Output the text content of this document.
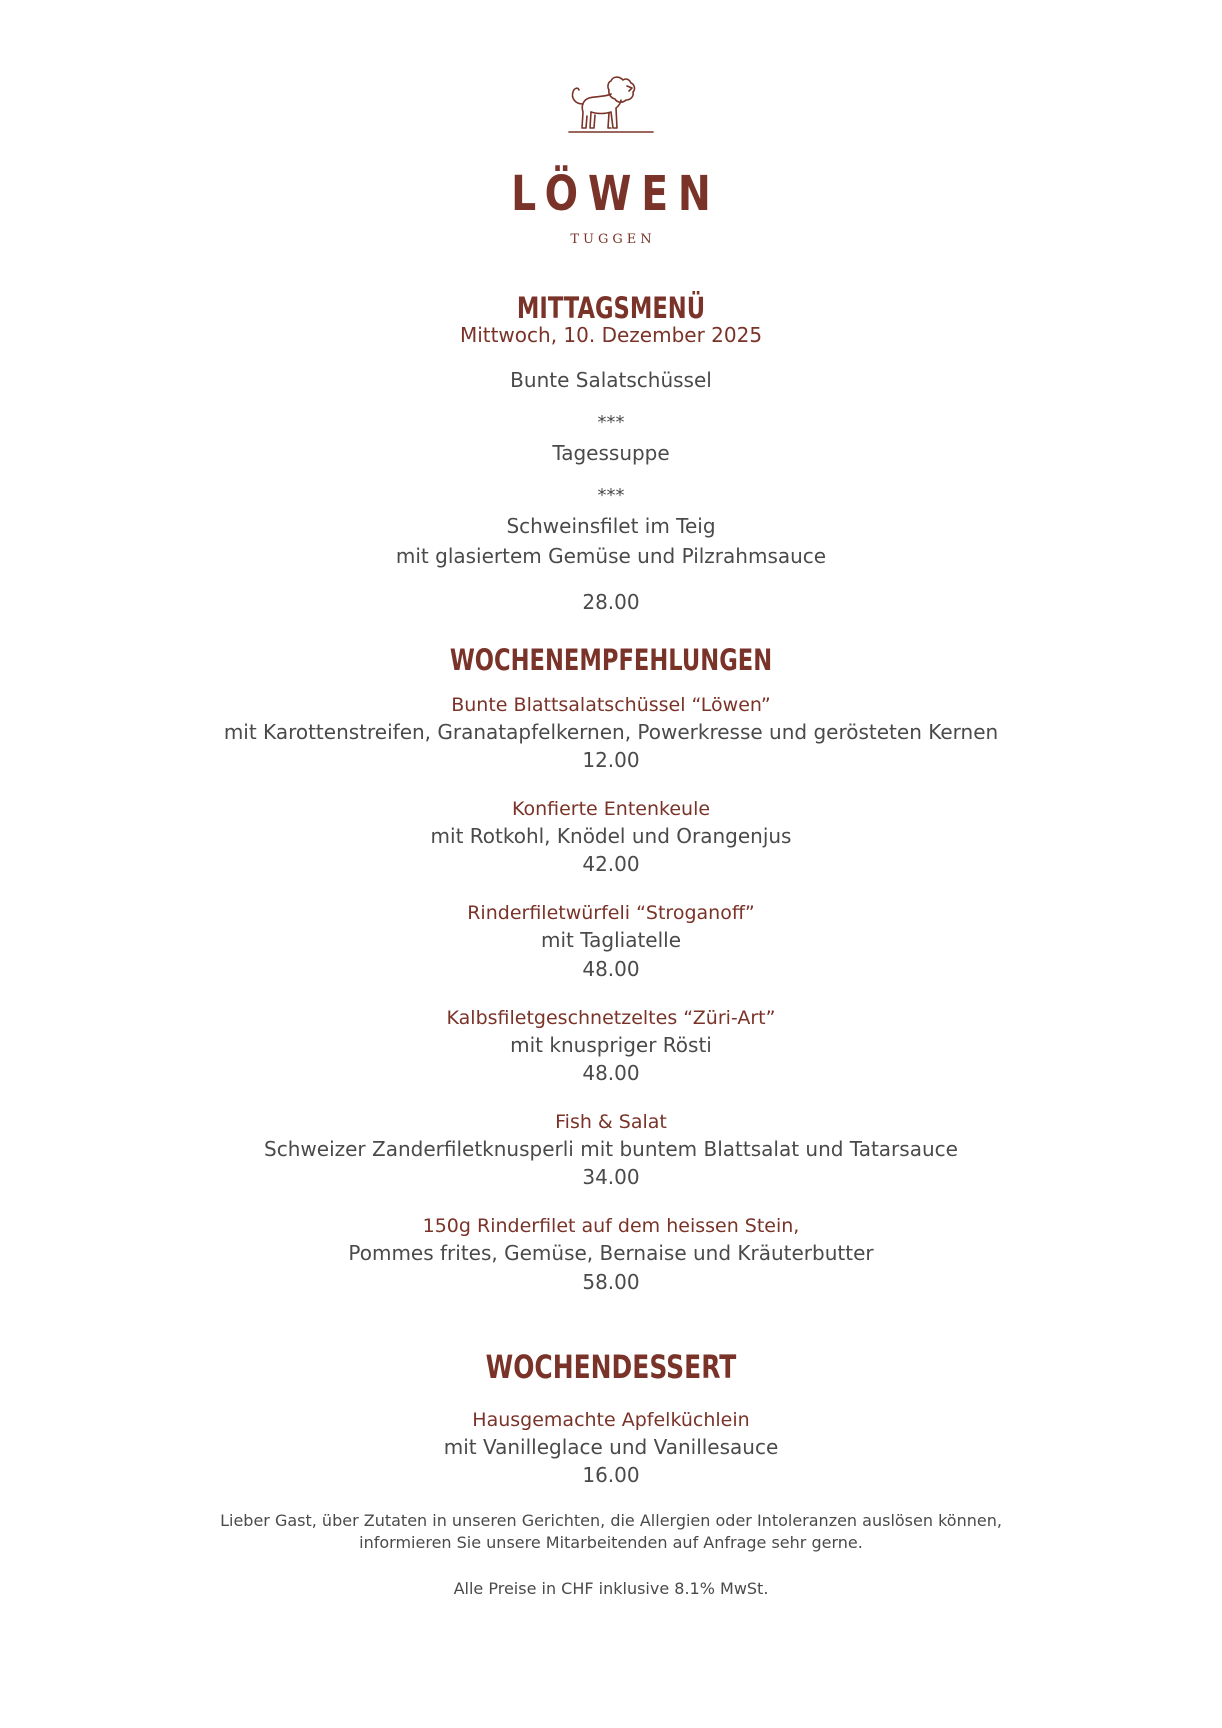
LÖWEN
TUGGEN
MITTAGSMENÜ
Mittwoch, 10. Dezember 2025
Bunte Salatschüssel
***
Tagessuppe
***
Schweinsfilet im Teig
mit glasiertem Gemüse und Pilzrahmsauce
28.00
WOCHENEMPFEHLUNGEN
Bunte Blattsalatschüssel “Löwen”
mit Karottenstreifen, Granatapfelkernen, Powerkresse und gerösteten Kernen
12.00
Konfierte Entenkeule
mit Rotkohl, Knödel und Orangenjus
42.00
Rinderfiletwürfeli “Stroganoff”
mit Tagliatelle
48.00
Kalbsfiletgeschnetzeltes “Züri-Art”
mit knuspriger Rösti
48.00
Fish & Salat
Schweizer Zanderfiletknusperli mit buntem Blattsalat und Tatarsauce
34.00
150g Rinderfilet auf dem heissen Stein,
Pommes frites, Gemüse, Bernaise und Kräuterbutter
58.00
WOCHENDESSERT
Hausgemachte Apfelküchlein
mit Vanilleglace und Vanillesauce
16.00
Lieber Gast, über Zutaten in unseren Gerichten, die Allergien oder Intoleranzen auslösen können,
informieren Sie unsere Mitarbeitenden auf Anfrage sehr gerne.
Alle Preise in CHF inklusive 8.1% MwSt.
